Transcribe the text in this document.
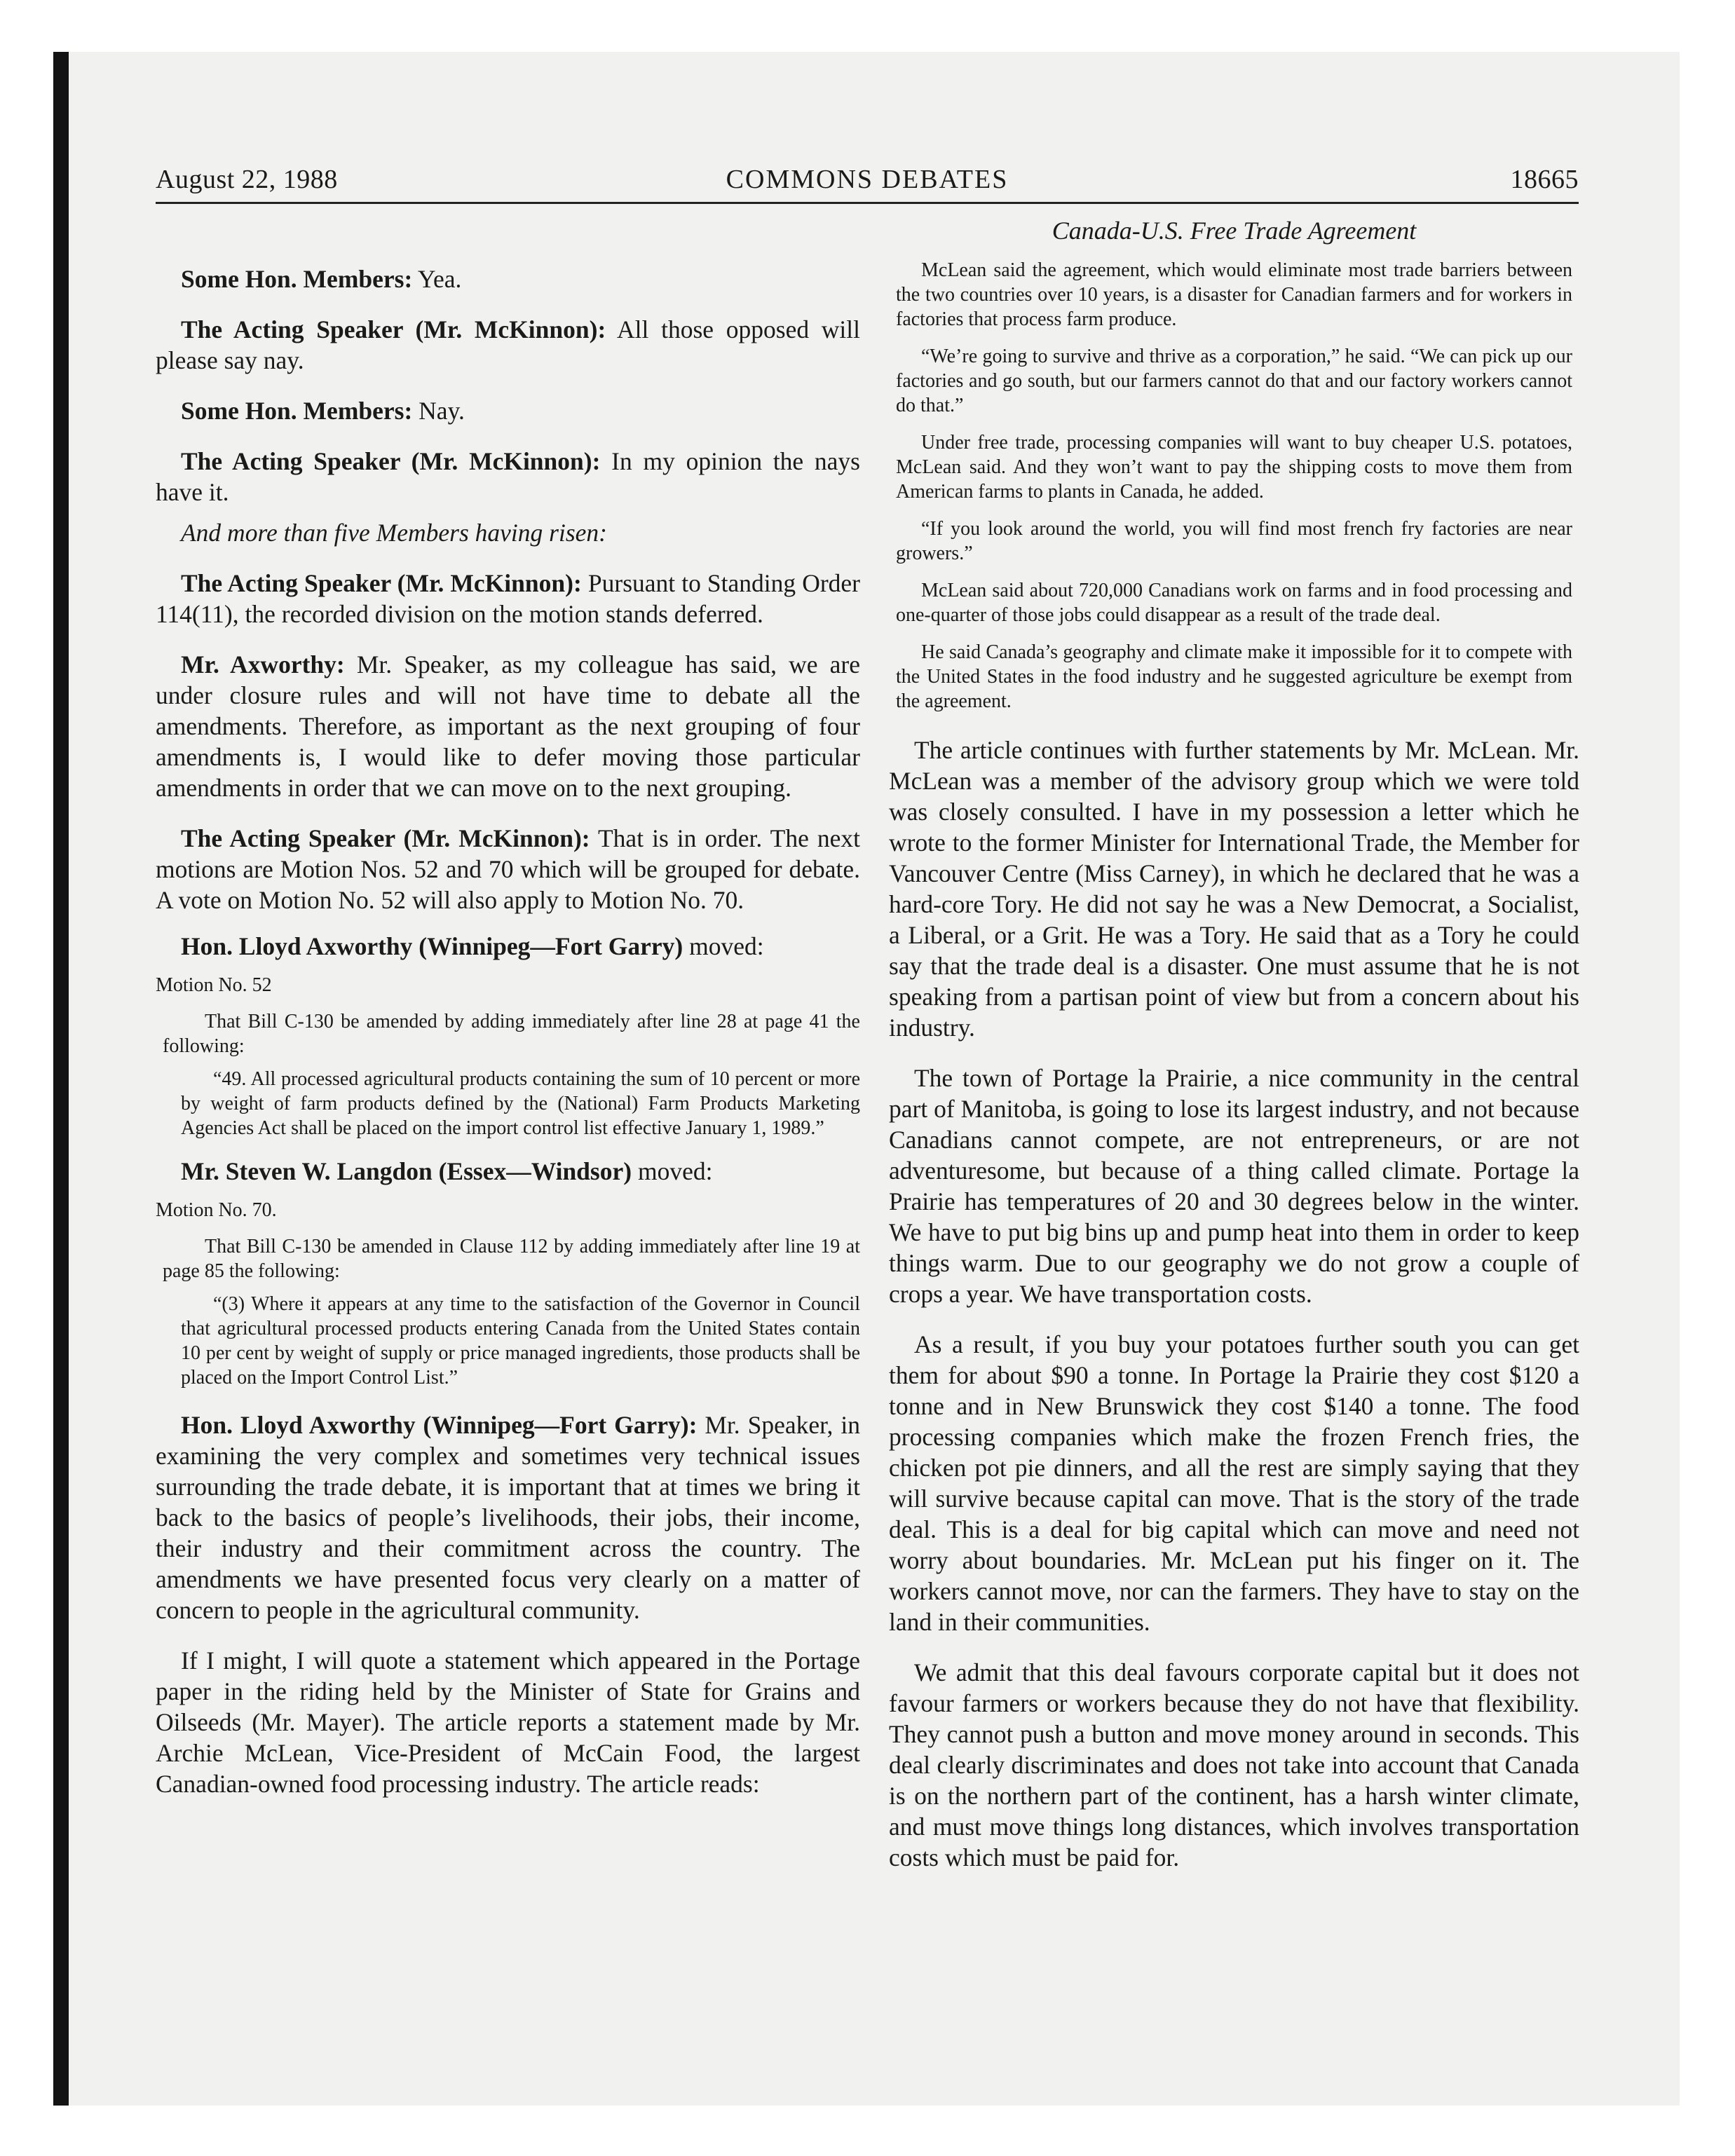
August 22, 1988	COMMONS DEBATES	18665

Some Hon. Members: Yea.

The Acting Speaker (Mr. McKinnon): All those opposed will please say nay.

Some Hon. Members: Nay.

The Acting Speaker (Mr. McKinnon): In my opinion the nays have it.

And more than five Members having risen:

The Acting Speaker (Mr. McKinnon): Pursuant to Standing Order 114(11), the recorded division on the motion stands deferred.

Mr. Axworthy: Mr. Speaker, as my colleague has said, we are under closure rules and will not have time to debate all the amendments. Therefore, as important as the next grouping of four amendments is, I would like to defer moving those particular amendments in order that we can move on to the next grouping.

The Acting Speaker (Mr. McKinnon): That is in order. The next motions are Motion Nos. 52 and 70 which will be grouped for debate. A vote on Motion No. 52 will also apply to Motion No. 70.

Hon. Lloyd Axworthy (Winnipeg—Fort Garry) moved:

Motion No. 52

That Bill C-130 be amended by adding immediately after line 28 at page 41 the following:

“49. All processed agricultural products containing the sum of 10 percent or more by weight of farm products defined by the (National) Farm Products Marketing Agencies Act shall be placed on the import control list effective January 1, 1989.”

Mr. Steven W. Langdon (Essex—Windsor) moved:

Motion No. 70.

That Bill C-130 be amended in Clause 112 by adding immediately after line 19 at page 85 the following:

“(3) Where it appears at any time to the satisfaction of the Governor in Council that agricultural processed products entering Canada from the United States contain 10 per cent by weight of supply or price managed ingredients, those products shall be placed on the Import Control List.”

Hon. Lloyd Axworthy (Winnipeg—Fort Garry): Mr. Speaker, in examining the very complex and sometimes very technical issues surrounding the trade debate, it is important that at times we bring it back to the basics of people’s livelihoods, their jobs, their income, their industry and their commitment across the country. The amendments we have presented focus very clearly on a matter of concern to people in the agricultural community.

If I might, I will quote a statement which appeared in the Portage paper in the riding held by the Minister of State for Grains and Oilseeds (Mr. Mayer). The article reports a statement made by Mr. Archie McLean, Vice-President of McCain Food, the largest Canadian-owned food processing industry. The article reads:

Canada-U.S. Free Trade Agreement

McLean said the agreement, which would eliminate most trade barriers between the two countries over 10 years, is a disaster for Canadian farmers and for workers in factories that process farm produce.

“We’re going to survive and thrive as a corporation,” he said. “We can pick up our factories and go south, but our farmers cannot do that and our factory workers cannot do that.”

Under free trade, processing companies will want to buy cheaper U.S. potatoes, McLean said. And they won’t want to pay the shipping costs to move them from American farms to plants in Canada, he added.

“If you look around the world, you will find most french fry factories are near growers.”

McLean said about 720,000 Canadians work on farms and in food processing and one-quarter of those jobs could disappear as a result of the trade deal.

He said Canada’s geography and climate make it impossible for it to compete with the United States in the food industry and he suggested agriculture be exempt from the agreement.

The article continues with further statements by Mr. McLean. Mr. McLean was a member of the advisory group which we were told was closely consulted. I have in my possession a letter which he wrote to the former Minister for International Trade, the Member for Vancouver Centre (Miss Carney), in which he declared that he was a hard-core Tory. He did not say he was a New Democrat, a Socialist, a Liberal, or a Grit. He was a Tory. He said that as a Tory he could say that the trade deal is a disaster. One must assume that he is not speaking from a partisan point of view but from a concern about his industry.

The town of Portage la Prairie, a nice community in the central part of Manitoba, is going to lose its largest industry, and not because Canadians cannot compete, are not entrepreneurs, or are not adventuresome, but because of a thing called climate. Portage la Prairie has temperatures of 20 and 30 degrees below in the winter. We have to put big bins up and pump heat into them in order to keep things warm. Due to our geography we do not grow a couple of crops a year. We have transportation costs.

As a result, if you buy your potatoes further south you can get them for about $90 a tonne. In Portage la Prairie they cost $120 a tonne and in New Brunswick they cost $140 a tonne. The food processing companies which make the frozen French fries, the chicken pot pie dinners, and all the rest are simply saying that they will survive because capital can move. That is the story of the trade deal. This is a deal for big capital which can move and need not worry about boundaries. Mr. McLean put his finger on it. The workers cannot move, nor can the farmers. They have to stay on the land in their communities.

We admit that this deal favours corporate capital but it does not favour farmers or workers because they do not have that flexibility. They cannot push a button and move money around in seconds. This deal clearly discriminates and does not take into account that Canada is on the northern part of the continent, has a harsh winter climate, and must move things long distances, which involves transportation costs which must be paid for.
